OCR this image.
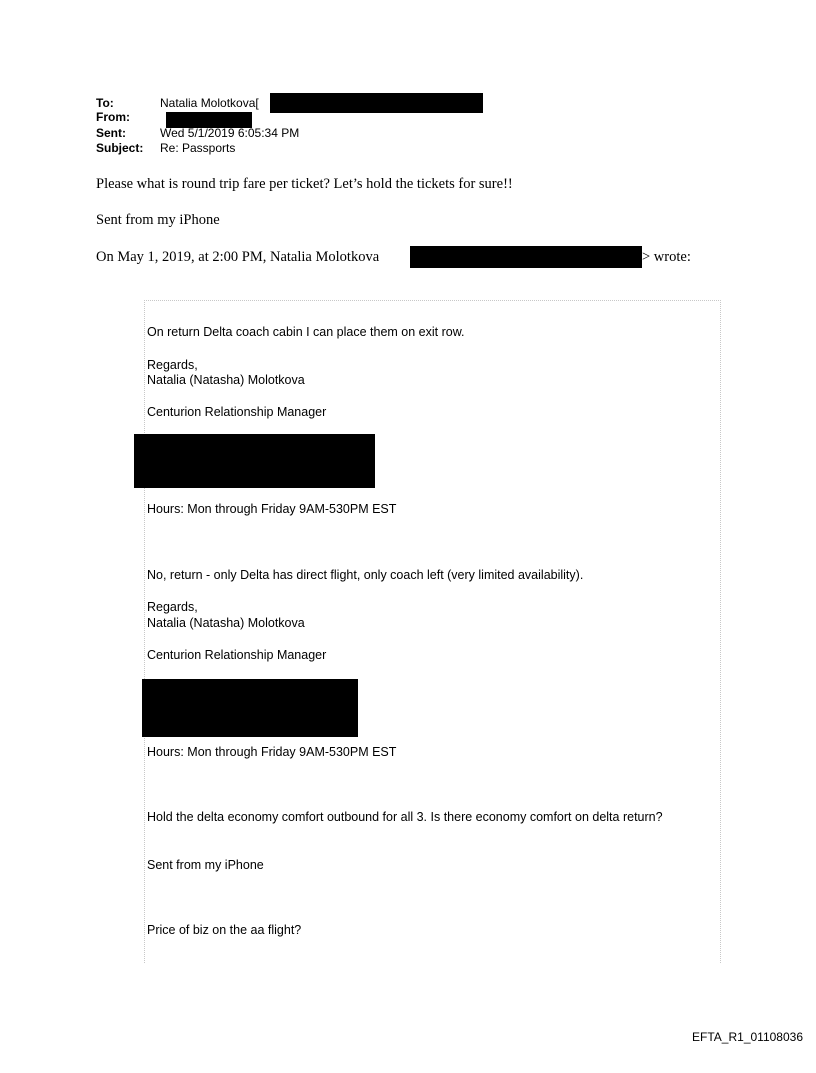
To:	Natalia Molotkova[
From:
Sent:	Wed 5/1/2019 6:05:34 PM
Subject: Re: Passports
Please what is round trip fare per ticket? Let’s hold the tickets for sure!!
Sent from my iPhone
On May 1, 2019, at 2:00 PM, Natalia Molotkova	> wrote:
On return Delta coach cabin I can place them on exit row.
Regards,
Natalia (Natasha) Molotkova
Centurion Relationship Manager
Hours: Mon through Friday 9AM-530PM EST
No, return - only Delta has direct flight, only coach left (very limited availability).
Regards,
Natalia (Natasha) Molotkova
Centurion Relationship Manager
Hours: Mon through Friday 9AM-530PM EST
Hold the delta economy comfort outbound for all 3. Is there economy comfort on delta return?
Sent from my iPhone
Price of biz on the aa flight?
EFTA_R1_01108036
